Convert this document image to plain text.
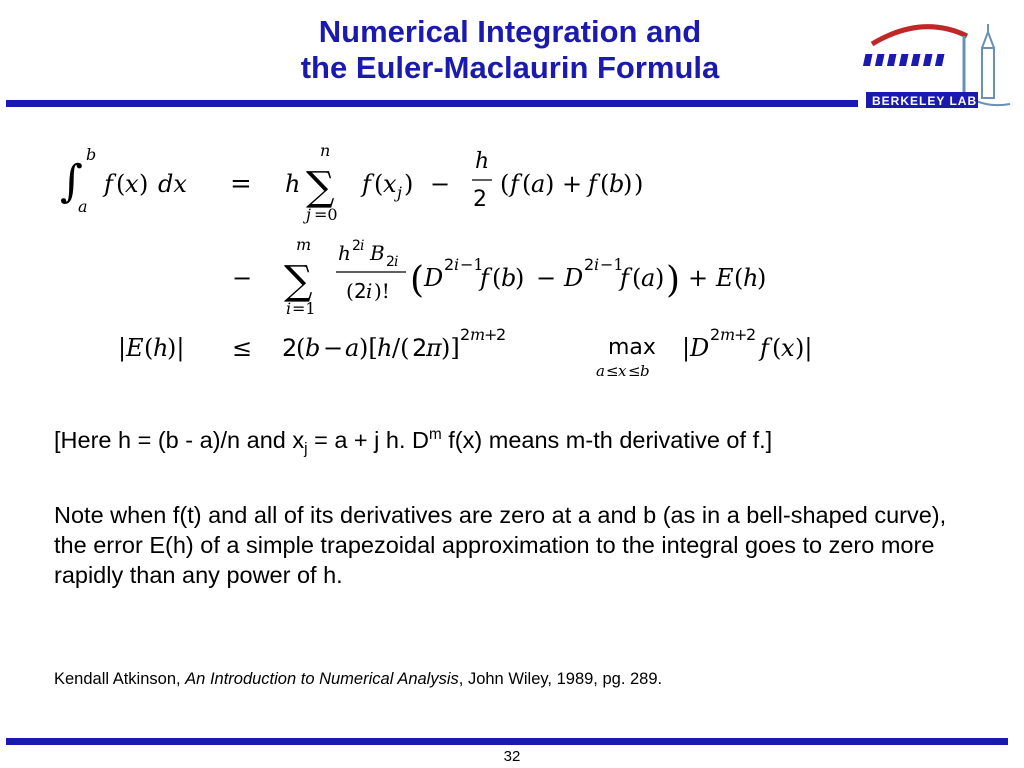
Numerical Integration and
the Euler-Maclaurin Formula
BERKELEY LAB
∫
b
a
f ( x ) dx = h ∑
n
j =0
f ( x j ) −
h
2
( f ( a ) + f ( b
) )
− ∑
m
i =1
h 2 i B 2 i
( 2 i )! ( D 2 i −1
f ( b
) − D 2 i −1
f ( a ) ) + E ( h
)
| E ( h
)| ≤ 2
( b − a )[ h /( 2
π )] 2 m
+
2
max
a ≤ x ≤ b
| D 2 m
+
2 f ( x )|
[Here h = (b - a)/n and $x_j = a + j$ h. $D^m$ f(x) means m-th derivative of f.]
Note when f(t) and all of its derivatives are zero at a and b (as in a bell-shaped curve), the error E(h) of a simple trapezoidal approximation to the integral goes to zero more rapidly than any power of h.
Kendall Atkinson, An Introduction to Numerical Analysis, John Wiley, 1989, pg. 289.
32
